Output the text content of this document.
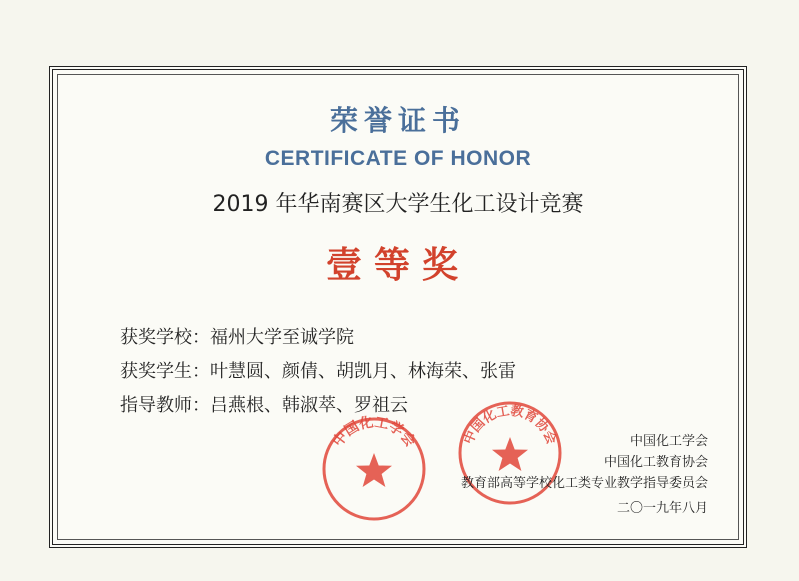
荣誉证书
CERTIFICATE OF HONOR
2019 年华南赛区大学生化工设计竞赛
壹等奖
获奖学校：福州大学至诚学院
获奖学生：叶慧圆、颜倩、胡凯月、林海荣、张雷
指导教师：吕燕根、韩淑萃、罗祖云
中国化工学会	中国化工教育协会	中国化工学会
中国化工教育协会
教育部高等学校化工类专业教学指导委员会
二〇一九年八月
